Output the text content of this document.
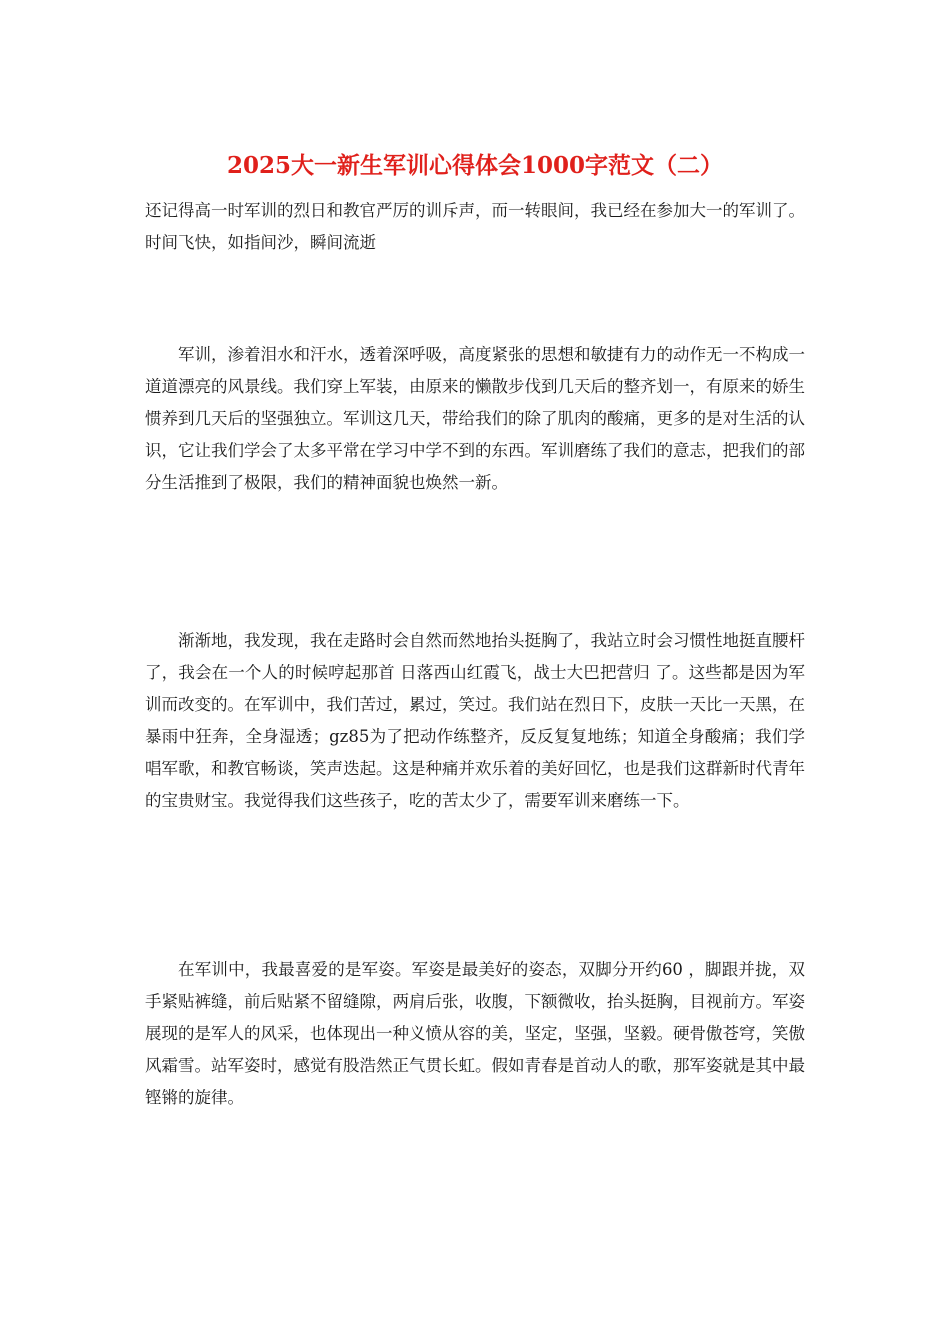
2025大一新生军训心得体会1000字范文（二）

还记得高一时军训的烈日和教官严厉的训斥声，而一转眼间，我已经在参加大一的军训了。时间飞快，如指间沙，瞬间流逝

军训，渗着泪水和汗水，透着深呼吸，高度紧张的思想和敏捷有力的动作无一不构成一道道漂亮的风景线。我们穿上军装，由原来的懒散步伐到几天后的整齐划一，有原来的娇生惯养到几天后的坚强独立。军训这几天，带给我们的除了肌肉的酸痛，更多的是对生活的认识，它让我们学会了太多平常在学习中学不到的东西。军训磨练了我们的意志，把我们的部分生活推到了极限，我们的精神面貌也焕然一新。

渐渐地，我发现，我在走路时会自然而然地抬头挺胸了，我站立时会习惯性地挺直腰杆了，我会在一个人的时候哼起那首 日落西山红霞飞，战士大巴把营归 了。这些都是因为军训而改变的。在军训中，我们苦过，累过，笑过。我们站在烈日下，皮肤一天比一天黑，在暴雨中狂奔，全身湿透；gz85为了把动作练整齐，反反复复地练；知道全身酸痛；我们学唱军歌，和教官畅谈，笑声迭起。这是种痛并欢乐着的美好回忆，也是我们这群新时代青年的宝贵财宝。我觉得我们这些孩子，吃的苦太少了，需要军训来磨练一下。

在军训中，我最喜爱的是军姿。军姿是最美好的姿态，双脚分开约60 ，脚跟并拢，双手紧贴裤缝，前后贴紧不留缝隙，两肩后张，收腹，下额微收，抬头挺胸，目视前方。军姿展现的是军人的风采，也体现出一种义愤从容的美，坚定，坚强，坚毅。硬骨傲苍穹，笑傲风霜雪。站军姿时，感觉有股浩然正气贯长虹。假如青春是首动人的歌，那军姿就是其中最铿锵的旋律。
